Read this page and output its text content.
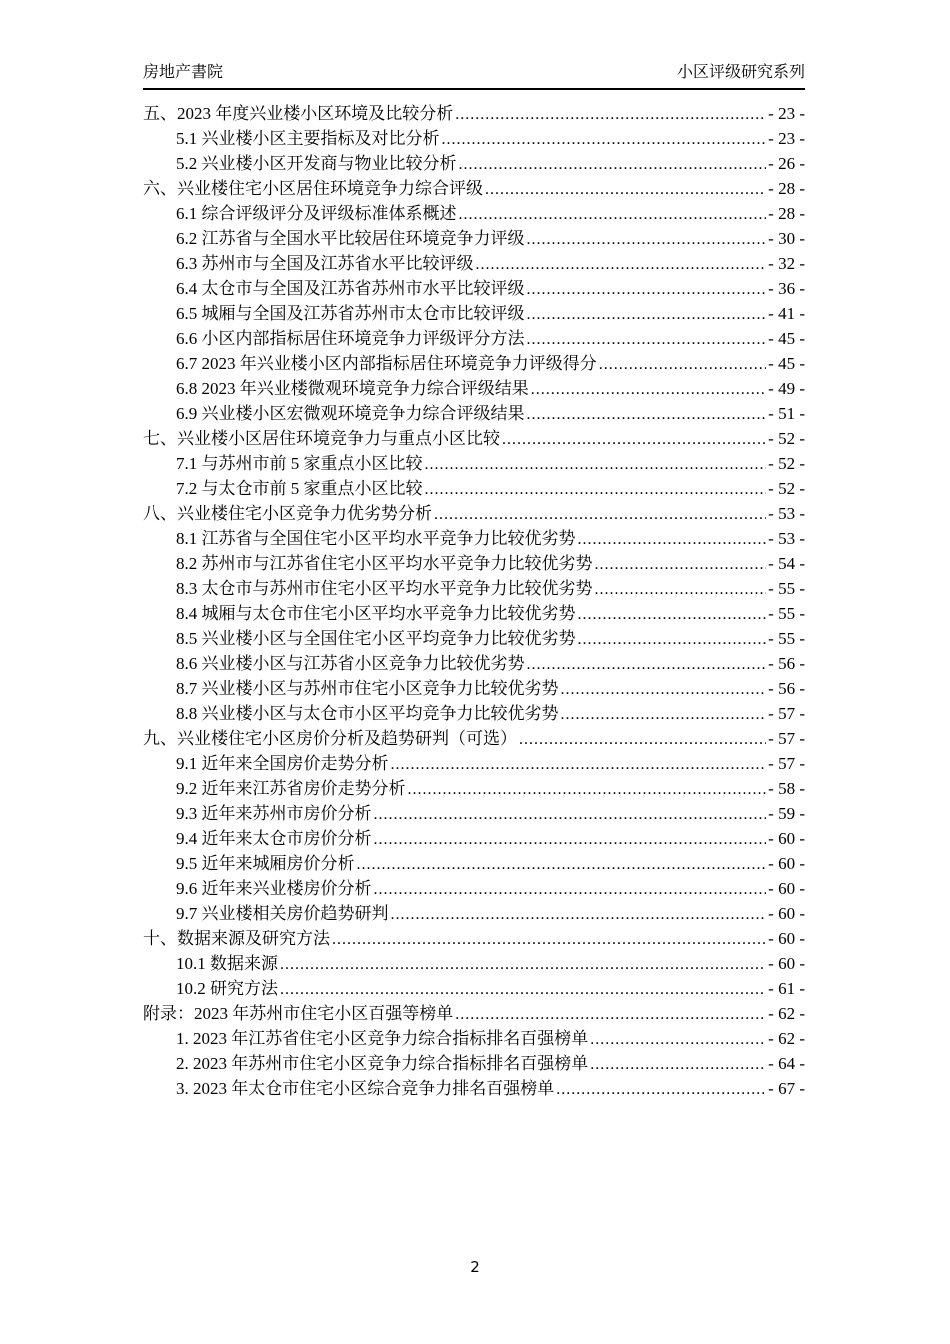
房地产書院	小区评级研究系列
五、2023 年度兴业楼小区环境及比较分析 .....	- 23 -
5.1 兴业楼小区主要指标及对比分析 .....	- 23 -
5.2 兴业楼小区开发商与物业比较分析 .....	- 26 -
六、兴业楼住宅小区居住环境竞争力综合评级 .....	- 28 -
6.1 综合评级评分及评级标准体系概述 .....	- 28 -
6.2 江苏省与全国水平比较居住环境竞争力评级 .....	- 30 -
6.3 苏州市与全国及江苏省水平比较评级 .....	- 32 -
6.4 太仓市与全国及江苏省苏州市水平比较评级 .....	- 36 -
6.5 城厢与全国及江苏省苏州市太仓市比较评级 .....	- 41 -
6.6 小区内部指标居住环境竞争力评级评分方法 .....	- 45 -
6.7 2023 年兴业楼小区内部指标居住环境竞争力评级得分 .....	- 45 -
6.8 2023 年兴业楼微观环境竞争力综合评级结果 .....	- 49 -
6.9 兴业楼小区宏微观环境竞争力综合评级结果 .....	- 51 -
七、兴业楼小区居住环境竞争力与重点小区比较 .....	- 52 -
7.1 与苏州市前 5 家重点小区比较 .....	- 52 -
7.2 与太仓市前 5 家重点小区比较 .....	- 52 -
八、兴业楼住宅小区竞争力优劣势分析 .....	- 53 -
8.1 江苏省与全国住宅小区平均水平竞争力比较优劣势 .....	- 53 -
8.2 苏州市与江苏省住宅小区平均水平竞争力比较优劣势 .....	- 54 -
8.3 太仓市与苏州市住宅小区平均水平竞争力比较优劣势 .....	- 55 -
8.4 城厢与太仓市住宅小区平均水平竞争力比较优劣势 .....	- 55 -
8.5 兴业楼小区与全国住宅小区平均竞争力比较优劣势 .....	- 55 -
8.6 兴业楼小区与江苏省小区竞争力比较优劣势 .....	- 56 -
8.7 兴业楼小区与苏州市住宅小区竞争力比较优劣势 .....	- 56 -
8.8 兴业楼小区与太仓市小区平均竞争力比较优劣势 .....	- 57 -
九、兴业楼住宅小区房价分析及趋势研判（可选） .....	- 57 -
9.1 近年来全国房价走势分析 .....	- 57 -
9.2 近年来江苏省房价走势分析 .....	- 58 -
9.3 近年来苏州市房价分析 .....	- 59 -
9.4 近年来太仓市房价分析 .....	- 60 -
9.5 近年来城厢房价分析 .....	- 60 -
9.6 近年来兴业楼房价分析 .....	- 60 -
9.7 兴业楼相关房价趋势研判 .....	- 60 -
十、数据来源及研究方法 .....	- 60 -
10.1 数据来源 .....	- 60 -
10.2 研究方法 .....	- 61 -
附录：2023 年苏州市住宅小区百强等榜单 .....	- 62 -
1. 2023 年江苏省住宅小区竞争力综合指标排名百强榜单 .....	- 62 -
2. 2023 年苏州市住宅小区竞争力综合指标排名百强榜单 .....	- 64 -
3. 2023 年太仓市住宅小区综合竞争力排名百强榜单 .....	- 67 -
2
